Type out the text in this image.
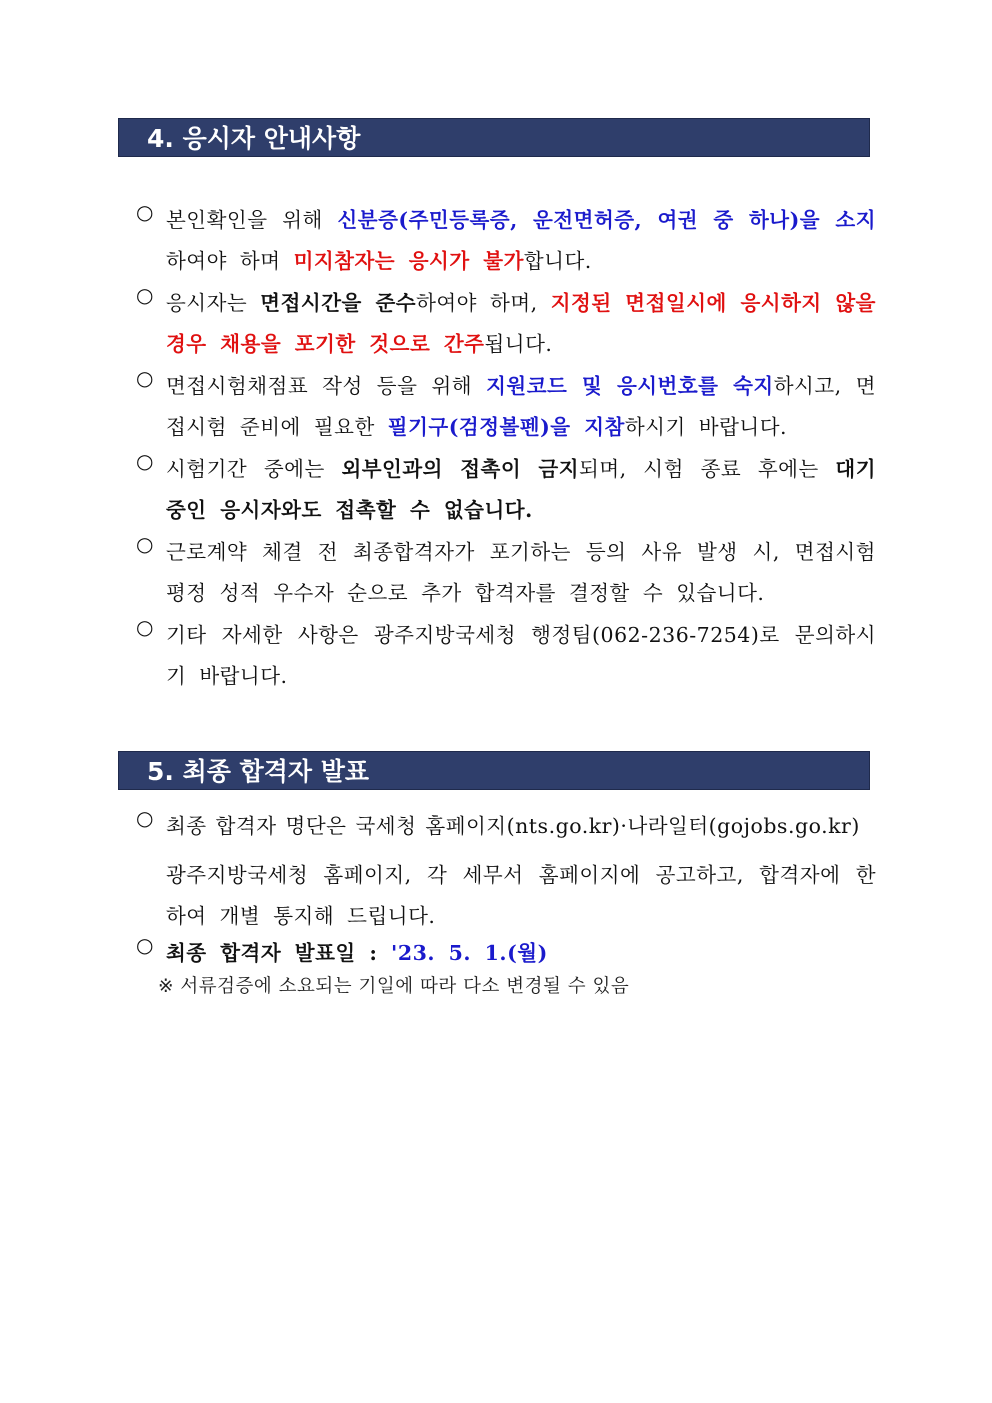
4. 응시자 안내사항
○ 본인확인을 위해 신분증(주민등록증, 운전면허증, 여권 중 하나)을 소지하여야 하며 미지참자는 응시가 불가합니다.
○ 응시자는 면접시간을 준수하여야 하며, 지정된 면접일시에 응시하지 않을 경우 채용을 포기한 것으로 간주됩니다.
○ 면접시험채점표 작성 등을 위해 지원코드 및 응시번호를 숙지하시고, 면접시험 준비에 필요한 필기구(검정볼펜)을 지참하시기 바랍니다.
○ 시험기간 중에는 외부인과의 접촉이 금지되며, 시험 종료 후에는 대기 중인 응시자와도 접촉할 수 없습니다.
○ 근로계약 체결 전 최종합격자가 포기하는 등의 사유 발생 시, 면접시험 평정 성적 우수자 순으로 추가 합격자를 결정할 수 있습니다.
○ 기타 자세한 사항은 광주지방국세청 행정팀(062-236-7254)로 문의하시기 바랍니다.
5. 최종 합격자 발표
○ 최종 합격자 명단은 국세청 홈페이지(nts.go.kr)·나라일터(gojobs.go.kr)
광주지방국세청 홈페이지, 각 세무서 홈페이지에 공고하고, 합격자에 한하여 개별 통지해 드립니다.
○ 최종 합격자 발표일 : '23. 5. 1.(월)
※ 서류검증에 소요되는 기일에 따라 다소 변경될 수 있음
